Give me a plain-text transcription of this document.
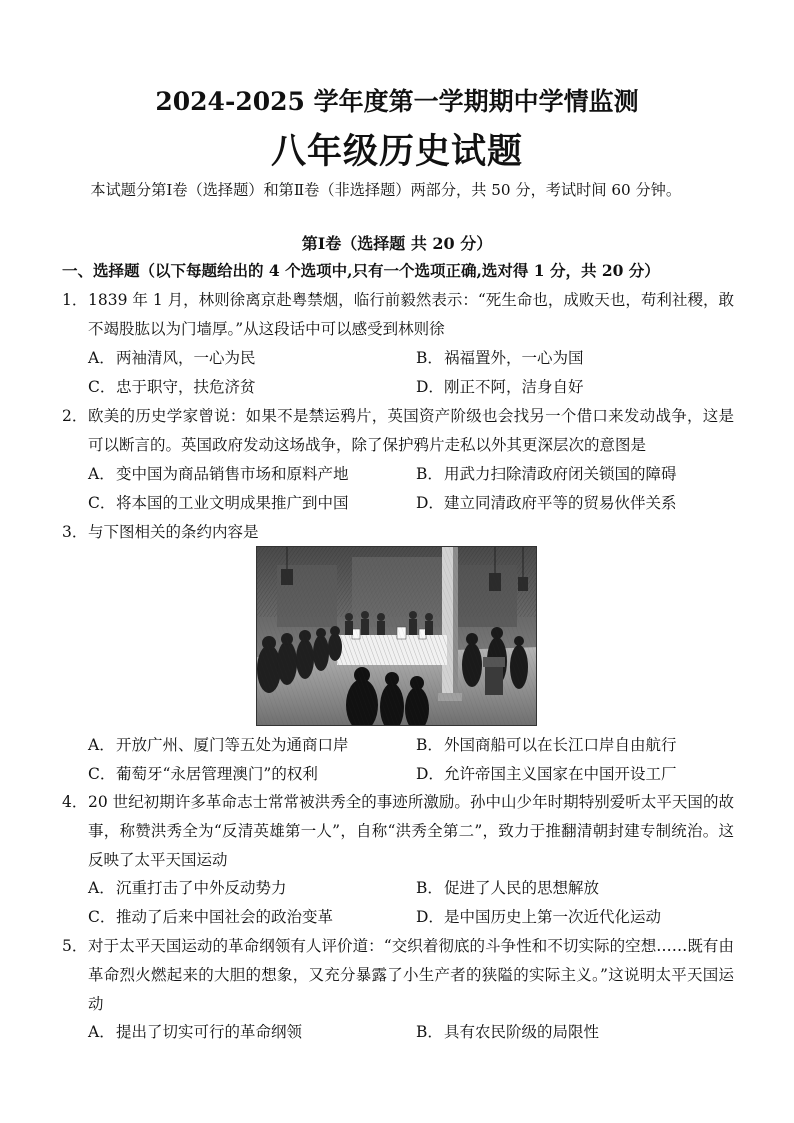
2024-2025 学年度第一学期期中学情监测
八年级历史试题
本试题分第Ⅰ卷（选择题）和第Ⅱ卷（非选择题）两部分，共 50 分，考试时间 60 分钟。
第Ⅰ卷（选择题 共 20 分）
一、选择题（以下每题给出的 4 个选项中,只有一个选项正确,选对得 1 分，共 20 分）
1． 1839 年 1 月，林则徐离京赴粤禁烟，临行前毅然表示：“死生命也，成败天也，苟利社稷，敢不竭股肱以为门墙厚。”从这段话中可以感受到林则徐
A．两袖清风，一心为民	B．祸福置外，一心为国
C．忠于职守，扶危济贫	D．刚正不阿，洁身自好
2． 欧美的历史学家曾说：如果不是禁运鸦片，英国资产阶级也会找另一个借口来发动战争，这是可以断言的。英国政府发动这场战争，除了保护鸦片走私以外其更深层次的意图是
A．变中国为商品销售市场和原料产地	B．用武力扫除清政府闭关锁国的障碍
C．将本国的工业文明成果推广到中国	D．建立同清政府平等的贸易伙伴关系
3． 与下图相关的条约内容是
A．开放广州、厦门等五处为通商口岸	B．外国商船可以在长江口岸自由航行
C．葡萄牙“永居管理澳门”的权利	D．允许帝国主义国家在中国开设工厂
4． 20 世纪初期许多革命志士常常被洪秀全的事迹所激励。孙中山少年时期特别爱听太平天国的故事，称赞洪秀全为“反清英雄第一人”，自称“洪秀全第二”，致力于推翻清朝封建专制统治。这反映了太平天国运动
A．沉重打击了中外反动势力	B．促进了人民的思想解放
C．推动了后来中国社会的政治变革	D．是中国历史上第一次近代化运动
5． 对于太平天国运动的革命纲领有人评价道：“交织着彻底的斗争性和不切实际的空想……既有由革命烈火燃起来的大胆的想象，又充分暴露了小生产者的狭隘的实际主义。”这说明太平天国运动
A．提出了切实可行的革命纲领	B．具有农民阶级的局限性
